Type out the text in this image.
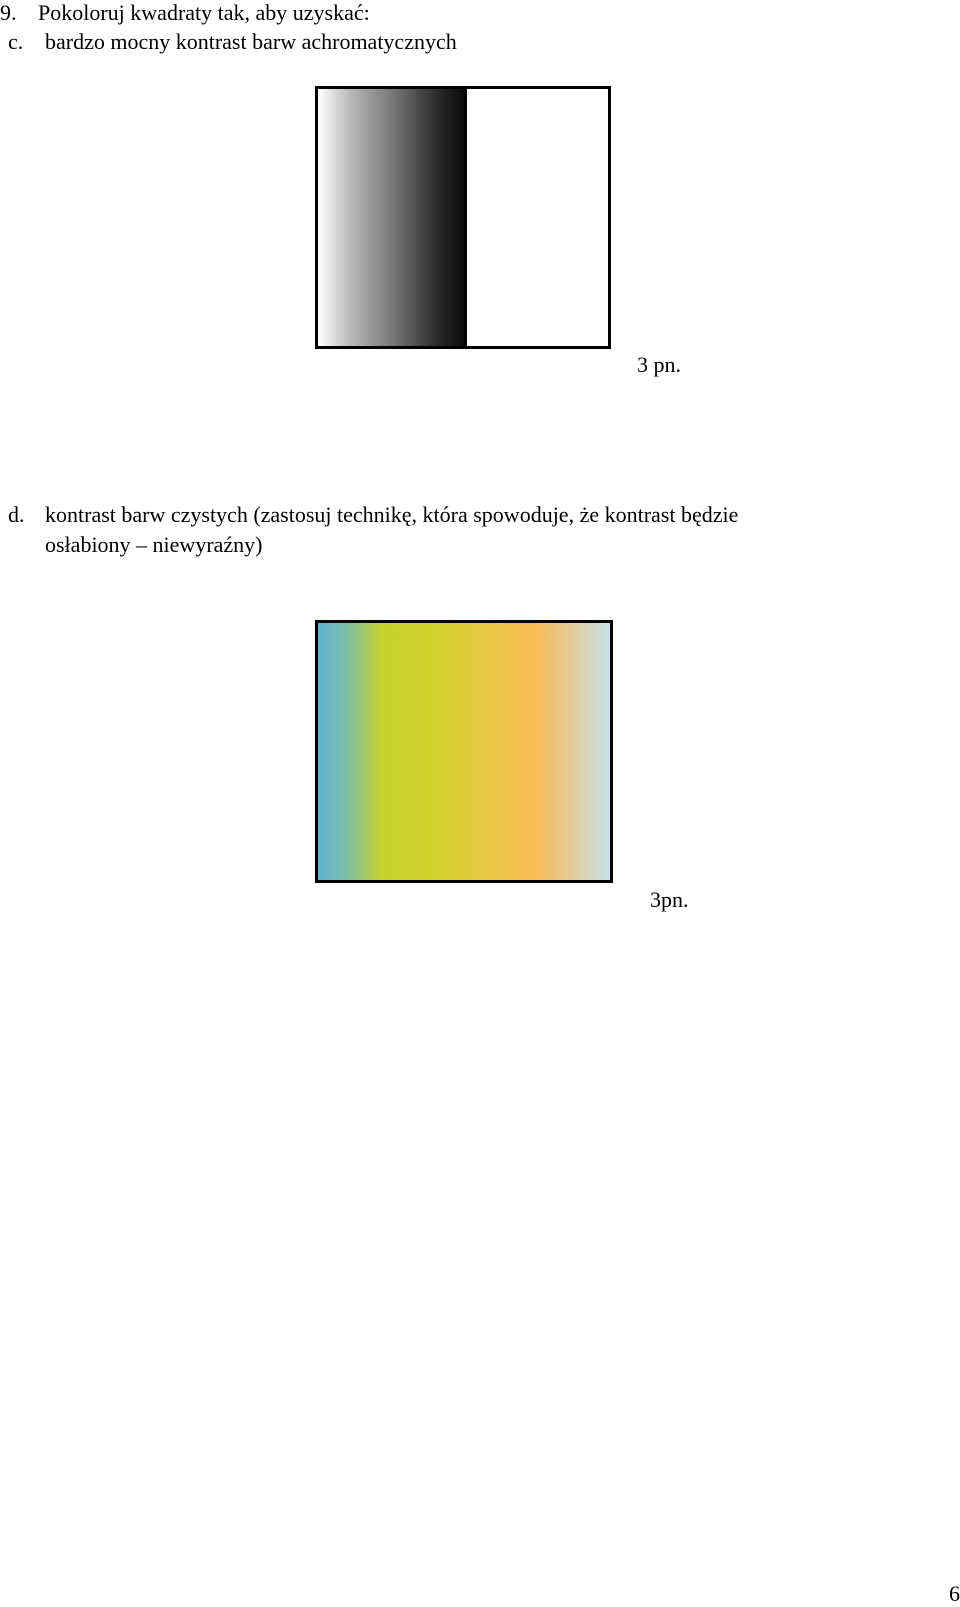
9. Pokoloruj kwadraty tak, aby uzyskać:
c. bardzo mocny kontrast barw achromatycznych
3 pn.
d. kontrast barw czystych (zastosuj technikę, która spowoduje, że kontrast będzie
osłabiony – niewyraźny)
3pn.
6
